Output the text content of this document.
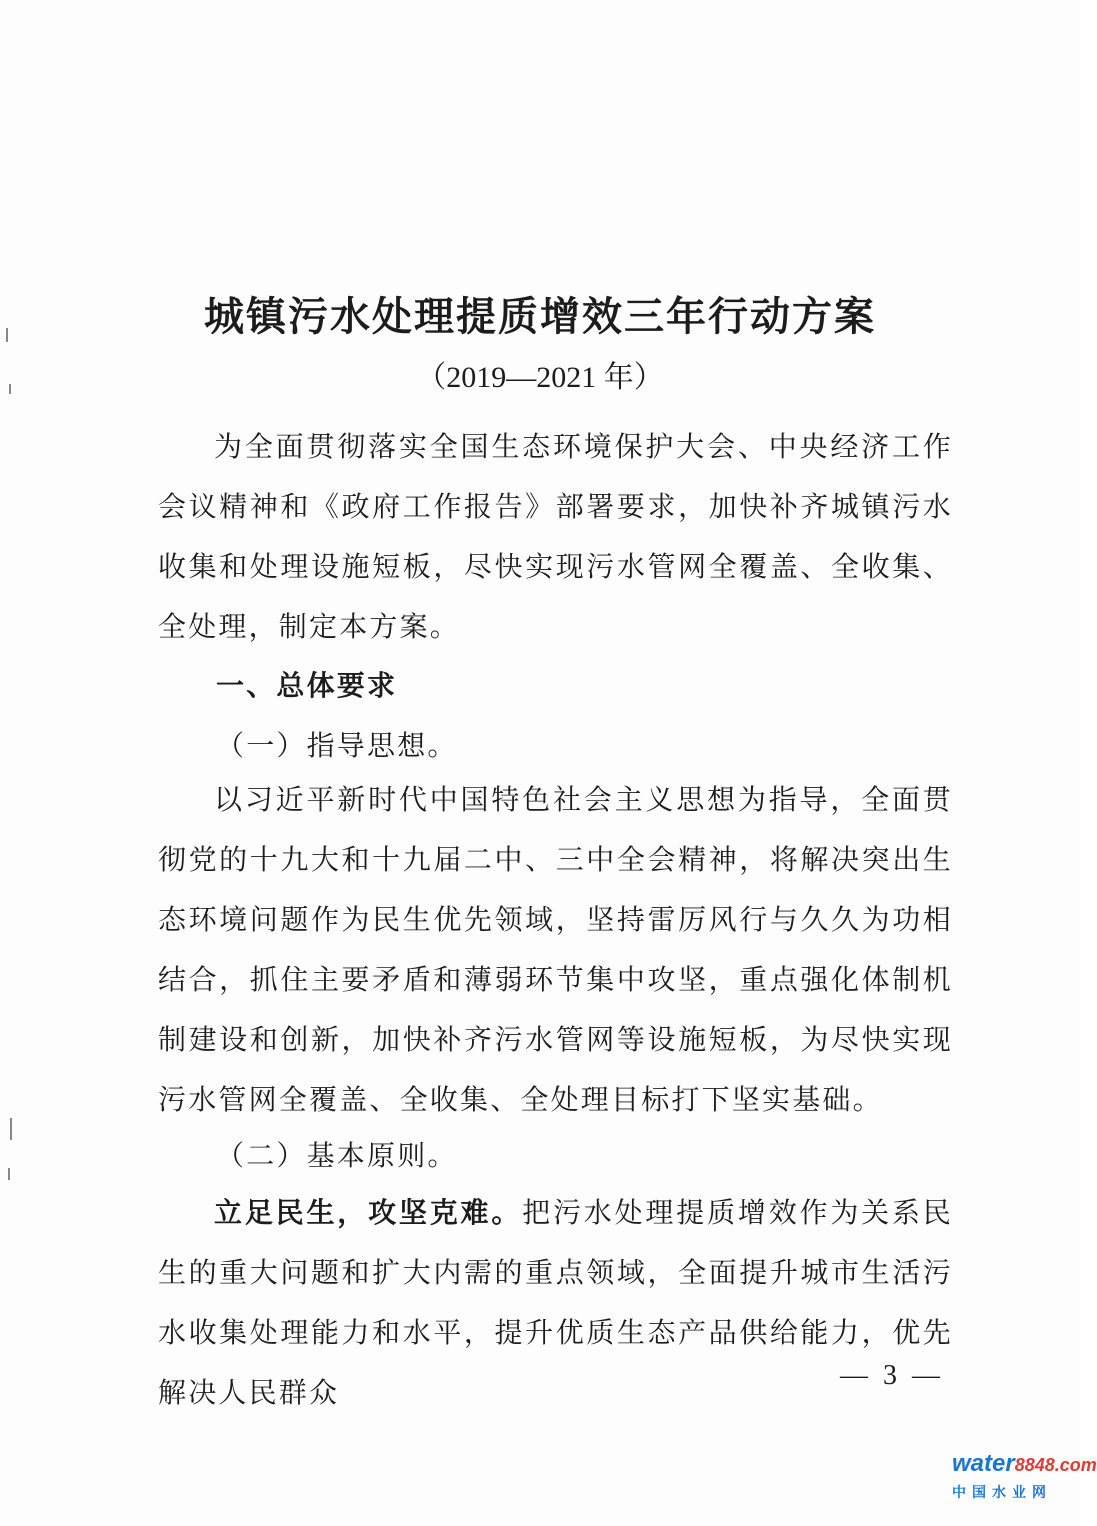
城镇污水处理提质增效三年行动方案
（2019—2021 年）

为全面贯彻落实全国生态环境保护大会、中央经济工作会议精神和《政府工作报告》部署要求，加快补齐城镇污水收集和处理设施短板，尽快实现污水管网全覆盖、全收集、全处理，制定本方案。

一、总体要求
（一）指导思想。

以习近平新时代中国特色社会主义思想为指导，全面贯彻党的十九大和十九届二中、三中全会精神，将解决突出生态环境问题作为民生优先领域，坚持雷厉风行与久久为功相结合，抓住主要矛盾和薄弱环节集中攻坚，重点强化体制机制建设和创新，加快补齐污水管网等设施短板，为尽快实现污水管网全覆盖、全收集、全处理目标打下坚实基础。

（二）基本原则。

立足民生，攻坚克难。把污水处理提质增效作为关系民生的重大问题和扩大内需的重点领域，全面提升城市生活污水收集处理能力和水平，提升优质生态产品供给能力，优先解决人民群众

— 3 —
water8848.com
中国水业网
